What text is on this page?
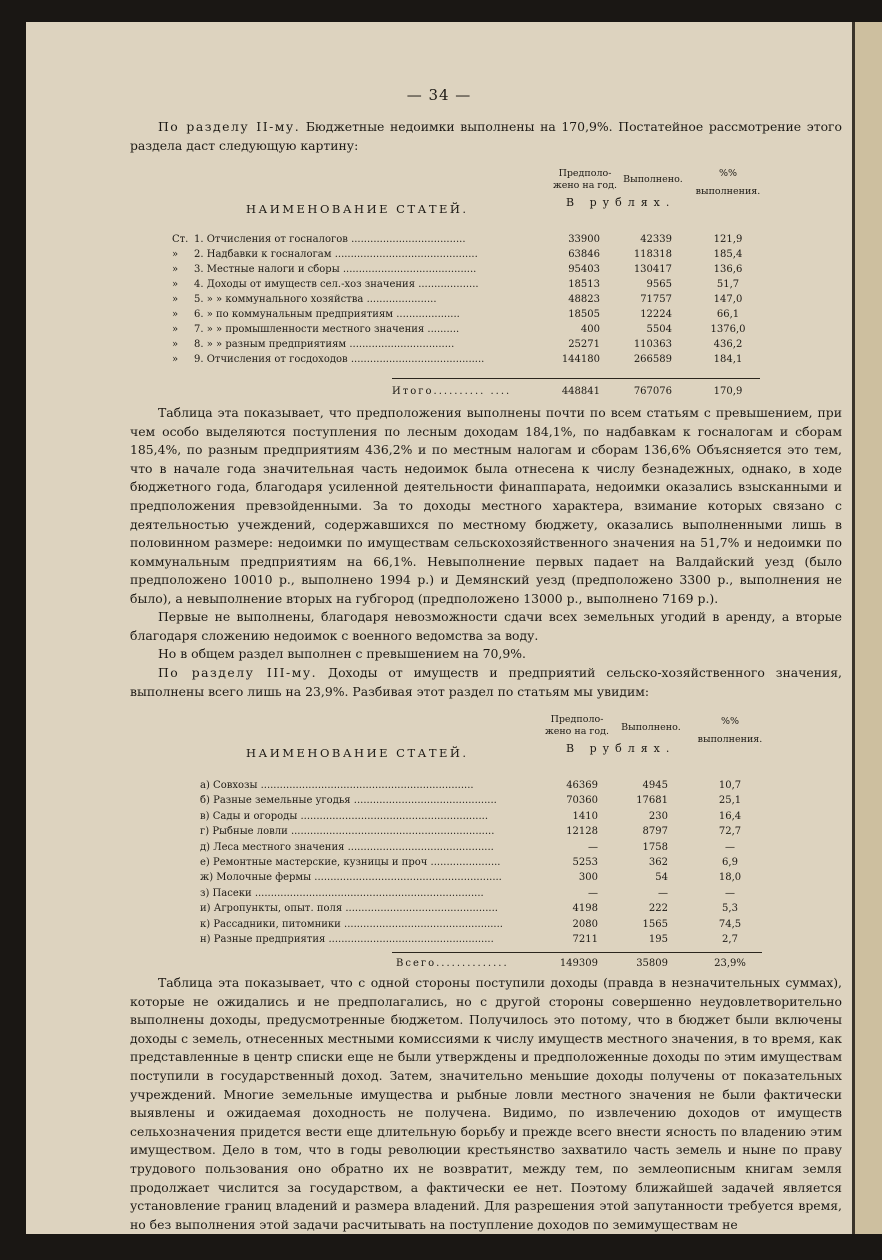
— 34 —

По разделу II-му. Бюджетные недоимки выполнены на 170,9%. Постатейное рассмотрение этого раздела даст следующую картину:

НАИМЕНОВАНИЕ СТАТЕЙ.
Предполо-
жено на год.
Выполнено.
%%
выполнения.
В рублях.
Ст. 1. Отчисления от госналогов ....................................	33900	42339	121,9
» 2. Надбавки к госналогам .............................................	63846	118318	185,4
» 3. Местные налоги и сборы ..........................................	95403	130417	136,6
» 4. Доходы от имуществ сел.-хоз значения ...................	18513	9565	51,7
» 5. » » коммунального хозяйства ......................	48823	71757	147,0
» 6. » по коммунальным предприятиям ....................	18505	12224	66,1
» 7. » » промышленности местного значения ..........	400	5504	1376,0
» 8. » » разным предприятиям .................................	25271	110363	436,2
» 9. Отчисления от госдоходов ..........................................	144180	266589	184,1
Итого.......... ....	448841	767076	170,9

Таблица эта показывает, что предположения выполнены почти по всем статьям с превышением, при чем особо выделяются поступления по лесным доходам 184,1%, по надбавкам к госналогам и сборам 185,4%, по разным предприятиям 436,2% и по местным налогам и сборам 136,6% Объясняется это тем, что в начале года значительная часть недоимок была отнесена к числу безнадежных, однако, в ходе бюджетного года, благодаря усиленной деятельности финаппарата, недоимки оказались взысканными и предположения превзойденными. За то доходы местного характера, взимание которых связано с деятельностью учеждений, содержавшихся по местному бюджету, оказались выполненными лишь в половинном размере: недоимки по имуществам сельскохозяйственного значения на 51,7% и недоимки по коммунальным предприятиям на 66,1%. Невыполнение первых падает на Валдайский уезд (было предположено 10010 р., выполнено 1994 р.) и Демянский уезд (предположено 3300 р., выполнения не было), а невыполнение вторых на губгород (предположено 13000 р., выполнено 7169 р.).

Первые не выполнены, благодаря невозможности сдачи всех земельных угодий в аренду, а вторые благодаря сложению недоимок с военного ведомства за воду.

Но в общем раздел выполнен с превышением на 70,9%.

По разделу III-му. Доходы от имуществ и предприятий сельско-хозяйственного значения, выполнены всего лишь на 23,9%. Разбивая этот раздел по статьям мы увидим:

НАИМЕНОВАНИЕ СТАТЕЙ.
Предполо-
жено на год.	Выполнено.
%%
выполнения.
В рублях.
а) Совхозы ...................................................................	46369	4945	10,7
б) Разные земельные угодья .............................................	70360	17681	25,1
в) Сады и огороды ...........................................................	1410	230	16,4
г) Рыбные ловли ................................................................	12128	8797	72,7
д) Леса местного значения ..............................................	—	1758	—
е) Ремонтные мастерские, кузницы и проч ......................	5253	362	6,9
ж) Молочные фермы ...........................................................	300	54	18,0
з) Пасеки ........................................................................	—	—	—
и) Агропункты, опыт. поля ................................................	4198	222	5,3
к) Рассадники, питомники ..................................................	2080	1565	74,5
н) Разные предприятия ....................................................	7211	195	2,7
Всего..............	149309	35809	23,9%

Таблица эта показывает, что с одной стороны поступили доходы (правда в незначительных суммах), которые не ожидались и не предполагались, но с другой стороны совершенно неудовлетворительно выполнены доходы, предусмотренные бюджетом. Получилось это потому, что в бюджет были включены доходы с земель, отнесенных местными комиссиями к числу имуществ местного значения, в то время, как представленные в центр списки еще не были утверждены и предположенные доходы по этим имуществам поступили в государственный доход. Затем, значительно меньшие доходы получены от показательных учреждений. Многие земельные имущества и рыбные ловли местного значения не были фактически выявлены и ожидаемая доходность не получена. Видимо, по извлечению доходов от имуществ сельхозначения придется вести еще длительную борьбу и прежде всего внести ясность по владению этим имуществом. Дело в том, что в годы революции крестьянство захватило часть земель и ныне по праву трудового пользования оно обратно их не возвратит, между тем, по землеописным книгам земля продолжает числится за государством, а фактически ее нет. Поэтому ближайшей задачей является установление границ владений и размера владений. Для разрешения этой запутанности требуется время, но без выполнения этой задачи расчитывать на поступление доходов по земимуществам не
